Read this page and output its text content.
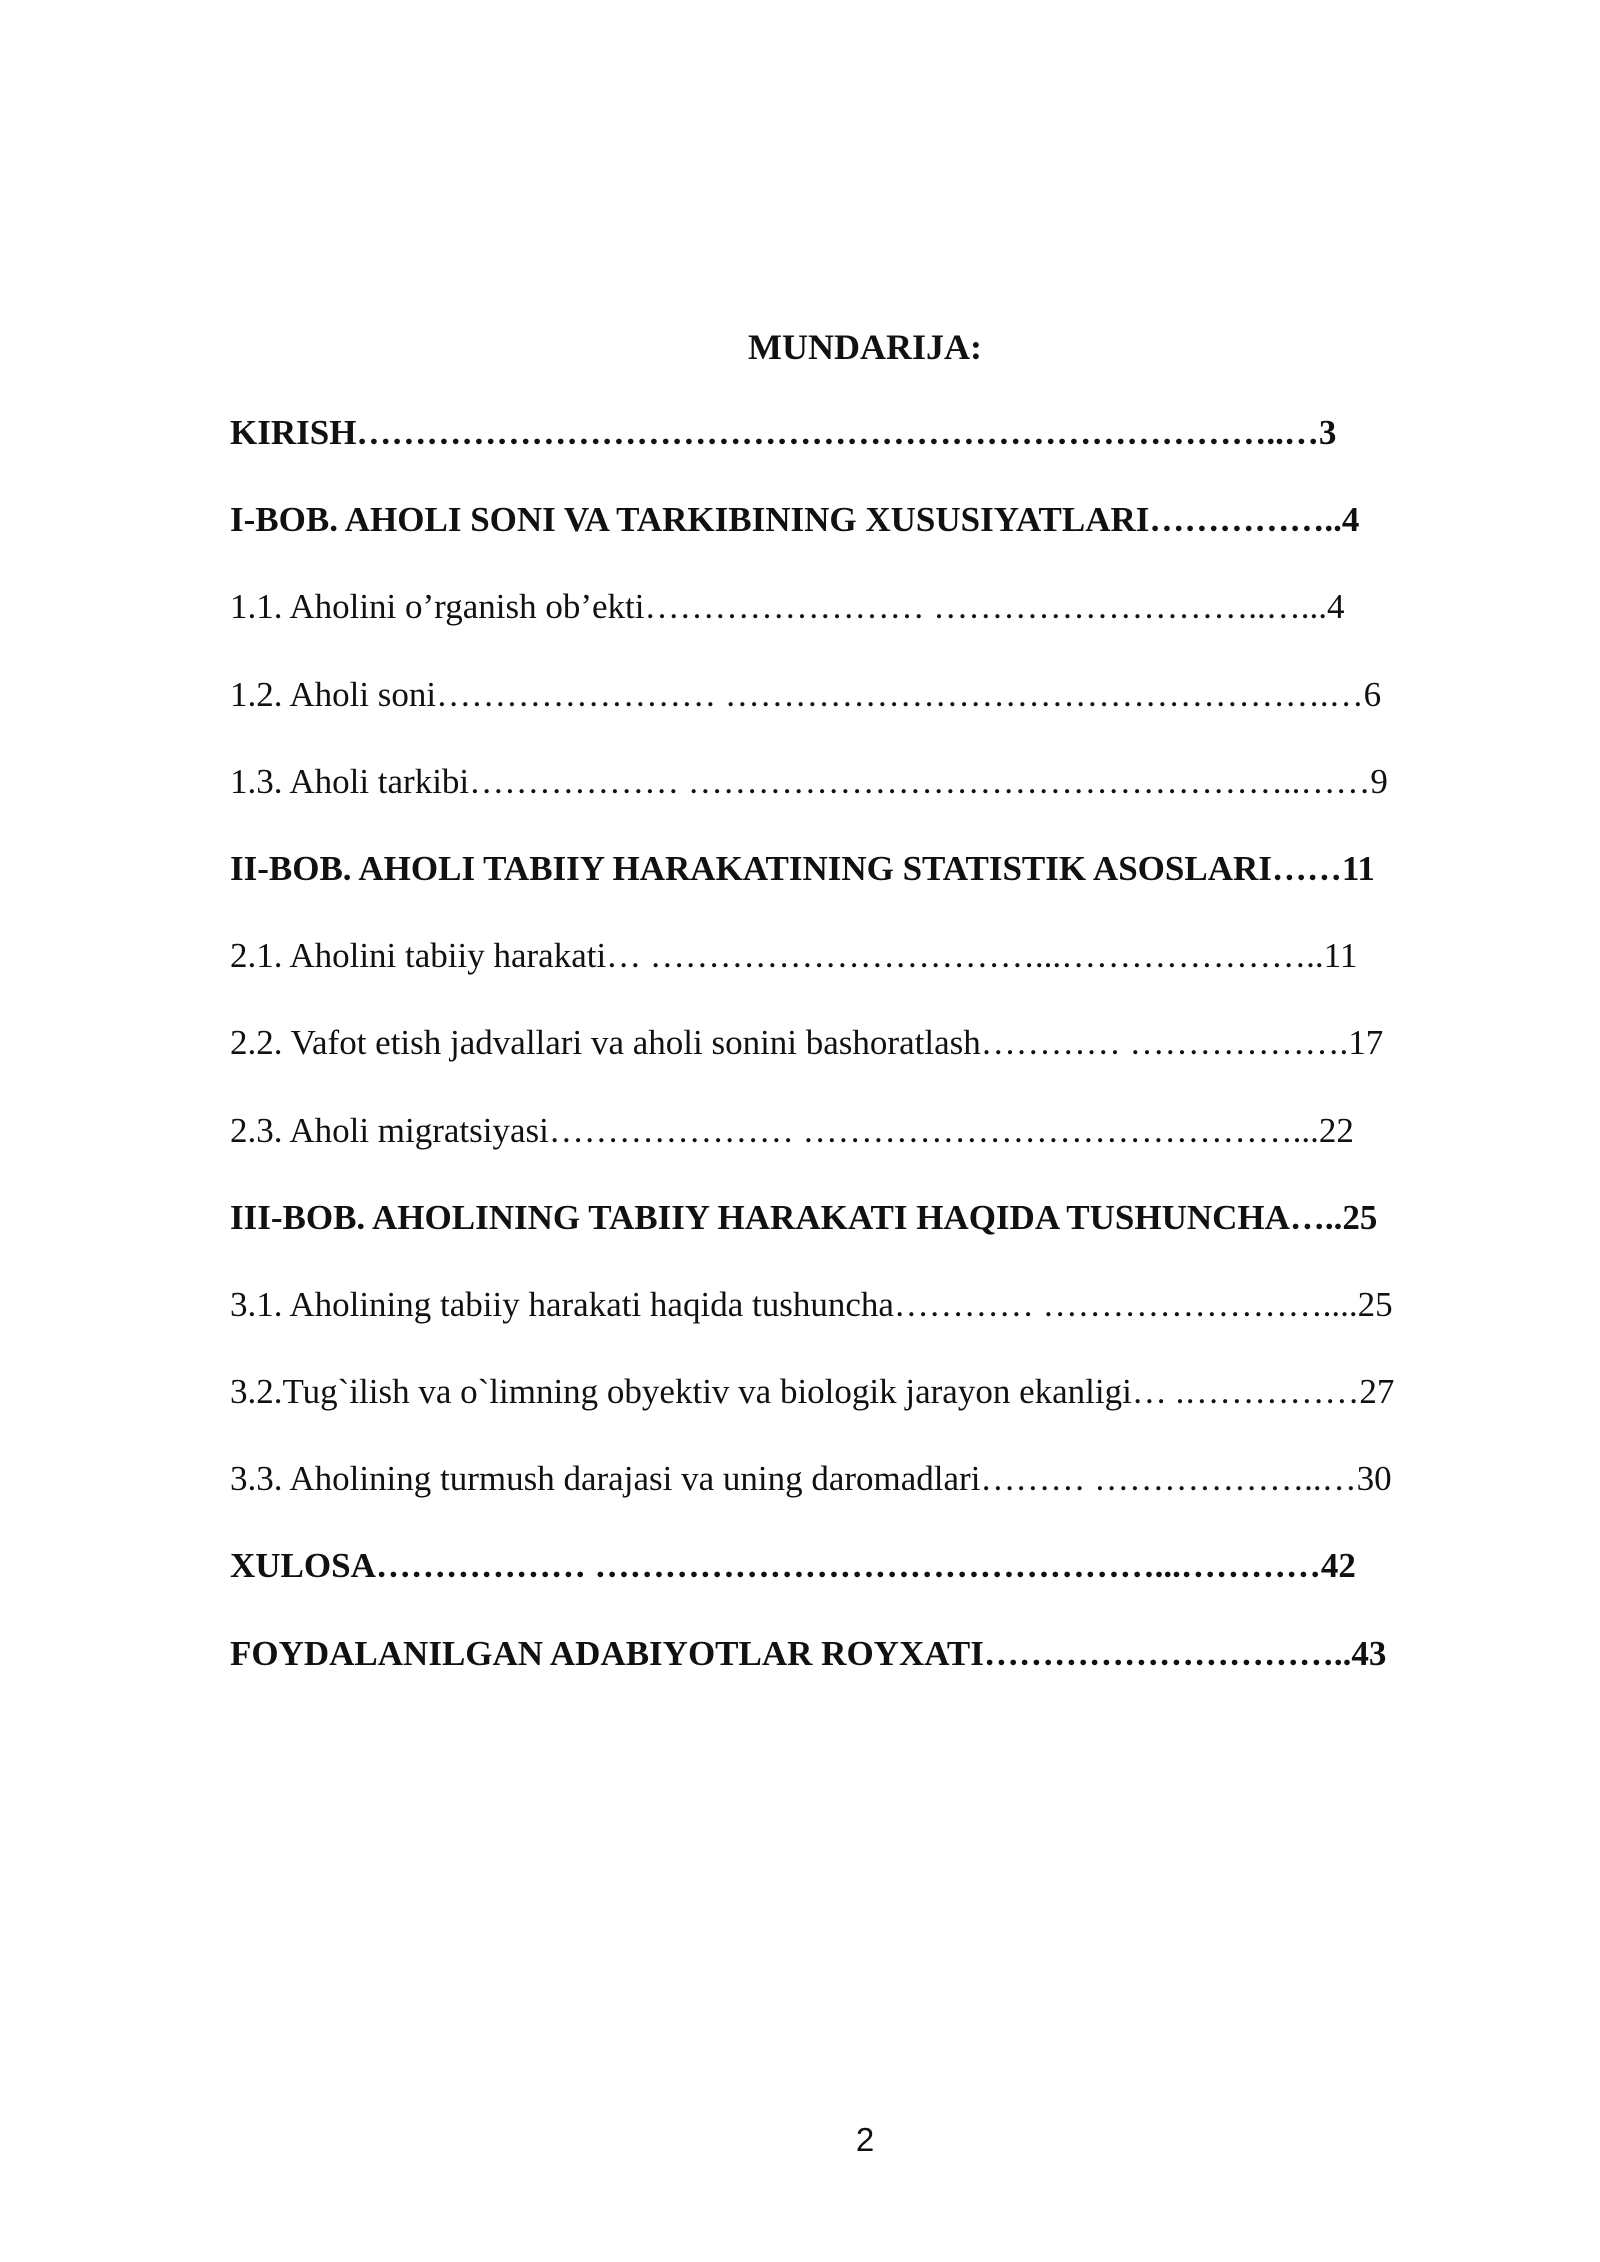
MUNDARIJA:
KIRISH……………………………………………………………………..…3
I-BOB. AHOLI SONI VA TARKIBINING XUSUSIYATLARI……………..4
1.1. Aholini o’rganish ob’ekti…………………… ………………………..…...4
1.2. Aholi soni…………………… …………………………………………….…6
1.3. Aholi tarkibi……………… ……………………………………………..……9
II-BOB. AHOLI TABIIY HARAKATINING STATISTIK ASOSLARI……11
2.1. Aholini tabiiy harakati… ……………………………...…………………..11
2.2. Vafot etish jadvallari va aholi sonini bashoratlash………… ……………….17
2.3. Aholi migratsiyasi………………… ……………………………………...22
III-BOB. AHOLINING TABIIY HARAKATI HAQIDA TUSHUNCHA…..25
3.1. Aholining tabiiy harakati haqida tushuncha………… ……………………....25
3.2.Tug`ilish va o`limning obyektiv va biologik jarayon ekanligi… .……………27
3.3. Aholining turmush darajasi va uning daromadlari……… ………………..…30
XULOSA……………… …………………………………………...…………42
FOYDALANILGAN ADABIYOTLAR ROYXATI…………………………..43
2
